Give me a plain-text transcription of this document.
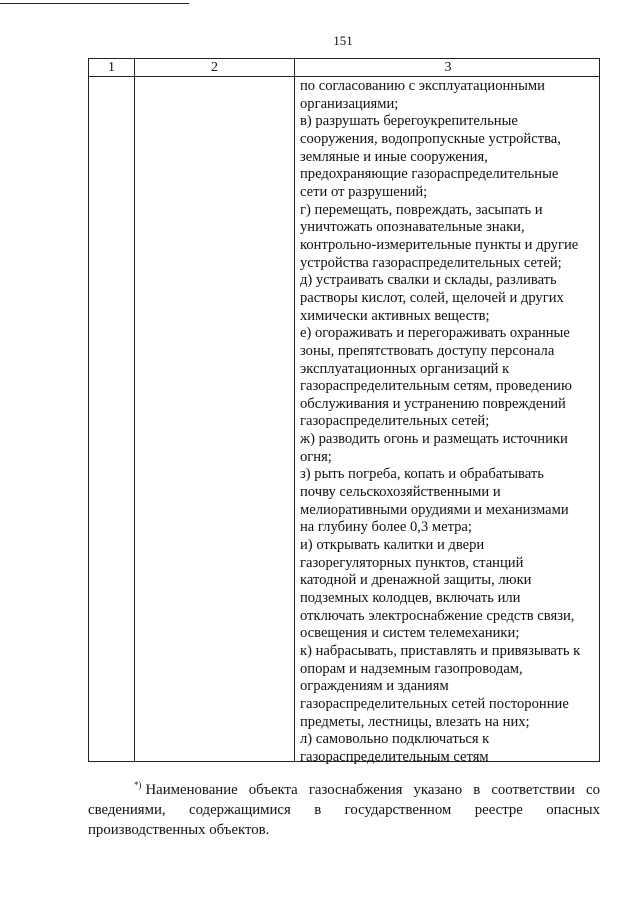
151
1	2	3
по согласованию с эксплуатационными
организациями;
в) разрушать берегоукрепительные
сооружения, водопропускные устройства,
земляные и иные сооружения,
предохраняющие газораспределительные
сети от разрушений;
г) перемещать, повреждать, засыпать и
уничтожать опознавательные знаки,
контрольно-измерительные пункты и другие
устройства газораспределительных сетей;
д) устраивать свалки и склады, разливать
растворы кислот, солей, щелочей и других
химически активных веществ;
е) огораживать и перегораживать охранные
зоны, препятствовать доступу персонала
эксплуатационных организаций к
газораспределительным сетям, проведению
обслуживания и устранению повреждений
газораспределительных сетей;
ж) разводить огонь и размещать источники
огня;
з) рыть погреба, копать и обрабатывать
почву сельскохозяйственными и
мелиоративными орудиями и механизмами
на глубину более 0,3 метра;
и) открывать калитки и двери
газорегуляторных пунктов, станций
катодной и дренажной защиты, люки
подземных колодцев, включать или
отключать электроснабжение средств связи,
освещения и систем телемеханики;
к) набрасывать, приставлять и привязывать к
опорам и надземным газопроводам,
ограждениям и зданиям
газораспределительных сетей посторонние
предметы, лестницы, влезать на них;
л) самовольно подключаться к
газораспределительным сетям
*) Наименование объекта газоснабжения указано в соответствии со
сведениями, содержащимися в государственном реестре опасных
производственных объектов.
